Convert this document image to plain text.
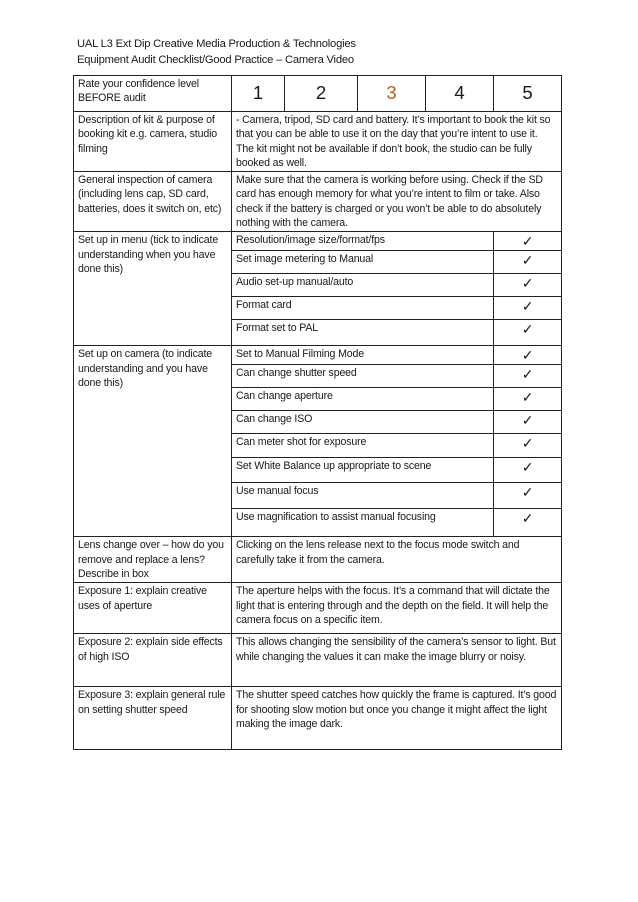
UAL L3 Ext Dip Creative Media Production & Technologies
Equipment Audit Checklist/Good Practice – Camera Video
Rate your confidence level BEFORE audit	1	2	3	4	5
Description of kit & purpose of booking kit e.g. camera, studio filming	- Camera, tripod, SD card and battery. It’s important to book the kit so that you can be able to use it on the day that you’re intent to use it. The kit might not be available if don’t book, the studio can be fully booked as well.				
General inspection of camera (including lens cap, SD card, batteries, does it switch on, etc)	Make sure that the camera is working before using. Check if the SD card has enough memory for what you’re intent to film or take. Also check if the battery is charged or you won’t be able to do absolutely nothing with the camera.				
Set up in menu (tick to indicate understanding when you have done this)	Resolution/image size/format/fps				✓
	Set image metering to Manual				✓
	Audio set-up manual/auto				✓
	Format card				✓
	Format set to PAL				✓
Set up on camera (to indicate understanding and you have done this)	Set to Manual Filming Mode				✓
	Can change shutter speed				✓
	Can change aperture				✓
	Can change ISO				✓
	Can meter shot for exposure				✓
	Set White Balance up appropriate to scene				✓
	Use manual focus				✓
	Use magnification to assist manual focusing				✓
Lens change over – how do you remove and replace a lens? Describe in box	Clicking on the lens release next to the focus mode switch and carefully take it from the camera.				
Exposure 1: explain creative uses of aperture	The aperture helps with the focus. It’s a command that will dictate the light that is entering through and the depth on the field. It will help the camera focus on a specific item.				
Exposure 2: explain side effects of high ISO	This allows changing the sensibility of the camera’s sensor to light. But while changing the values it can make the image blurry or noisy.				
Exposure 3: explain general rule on setting shutter speed	The shutter speed catches how quickly the frame is captured. It’s good for shooting slow motion but once you change it might affect the light making the image dark.				
